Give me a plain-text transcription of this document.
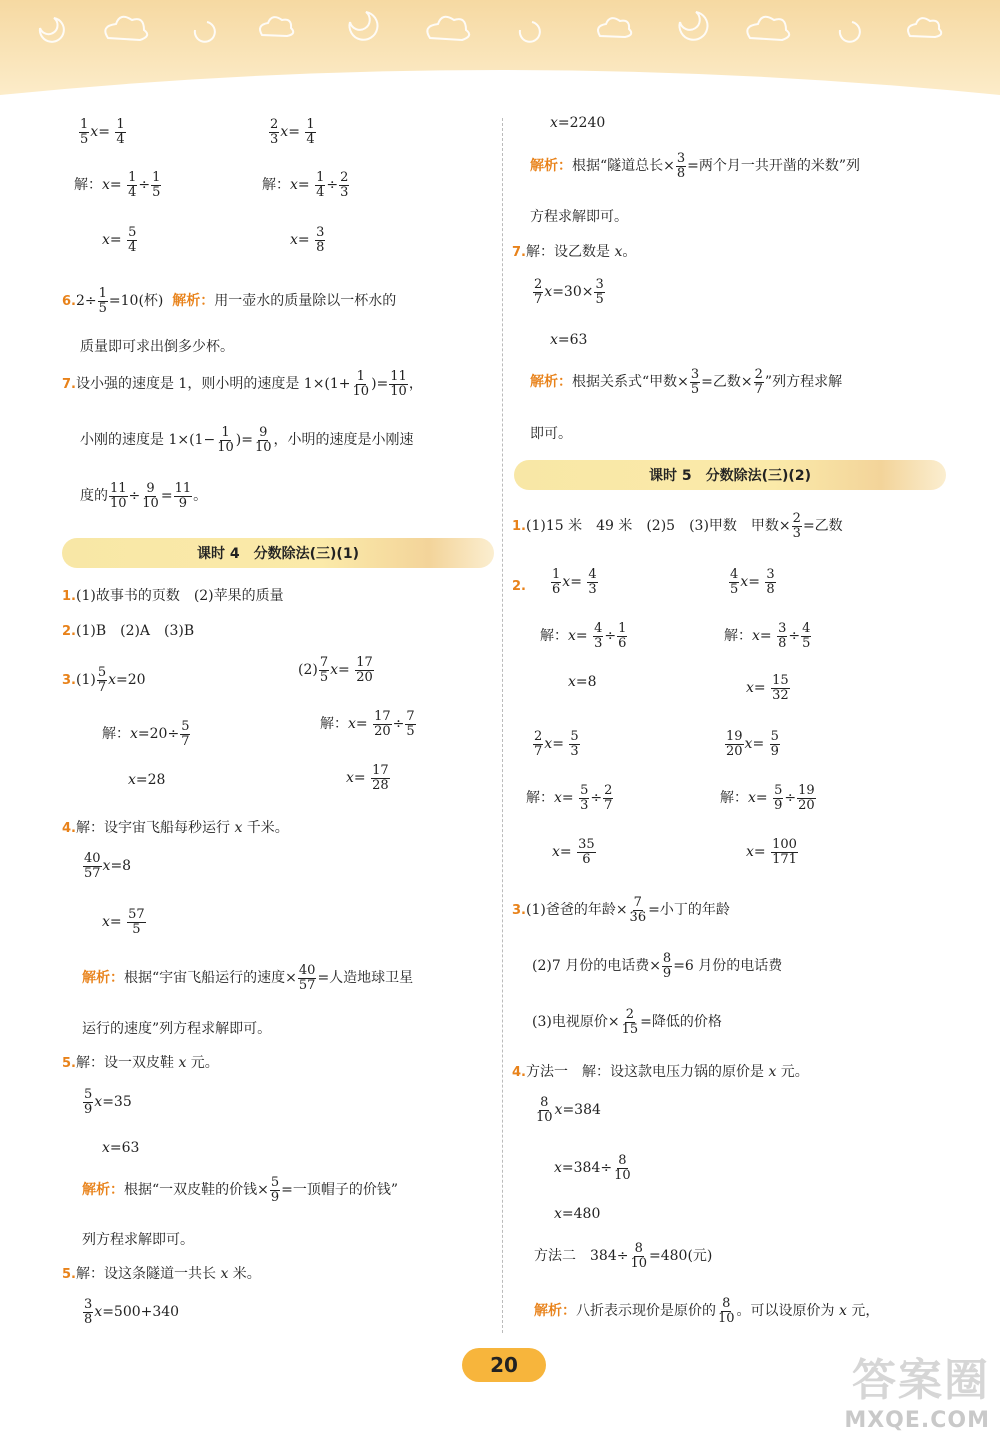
$\frac{1}{5} x= \frac{1}{4}$	$\frac{2}{3} x= \frac{1}{4}$
解：$x= \frac{1}{4} \div \frac{1}{5}$	解：$x= \frac{1}{4} \div \frac{2}{3}$
$x= \frac{5}{4}$	$x= \frac{3}{8}$
$6.2\div \frac{1}{5} =10$(杯) 解析：用一壶水的质量除以一杯水的
质量即可求出倒多少杯。
7.设小强的速度是 1，则小明的速度是 $1\times(1+ \frac{1}{10}$ )= $\frac{11}{10}$ ，
小刚的速度是 $1\times(1- \frac{1}{10}$ )= $\frac{9}{10}$ ，小明的速度是小刚速
度的 $\frac{11}{10} \div \frac{9}{10} = \frac{11}{9}$ 。
课时 4　分数除法(三)(1)
1.(1)故事书的页数　(2)苹果的质量
2.(1)B　(2)A　(3)B
$3.(1) \frac{5}{7} x=20$
$(2) \frac{7}{5} x= \frac{17}{20}$
解：$x=20\div \frac{5}{7}$	解：$x= \frac{17}{20} \div \frac{7}{5}$
x=28	$x= \frac{17}{28}$
4.解：设宇宙飞船每秒运行 x 千米。
$\frac{40}{57} x=8$
$x= \frac{57}{5}$
解析：根据“宇宙飞船运行的速度× $\frac{40}{57}$ =人造地球卫星
运行的速度”列方程求解即可。
5.解：设一双皮鞋 x 元。
$\frac{5}{9} x=35$
x=63
解析：根据“一双皮鞋的价钱× $\frac{5}{9}$ =一顶帽子的价钱”
列方程求解即可。
5.解：设这条隧道一共长 x 米。
$\frac{3}{8} x=500+340$
x=2240
解析：根据“隧道总长× $\frac{3}{8}$ =两个月一共开凿的米数”列
方程求解即可。
7.解：设乙数是 x。
$\frac{2}{7} x=30\times \frac{3}{5}$
x=63
解析：根据关系式“甲数× $\frac{3}{5}$ =乙数× $\frac{2}{7}$ ”列方程求解
即可。
课时 5　分数除法(三)(2)
1.(1)15 米　49 米　(2)5　(3)甲数　甲数× $\frac{2}{3}$ =乙数
2. $\frac{1}{6} x= \frac{4}{3}$	$\frac{4}{5} x= \frac{3}{8}$
解：$x= \frac{4}{3} \div \frac{1}{6}$	解：$x= \frac{3}{8} \div \frac{4}{5}$
x=8	$x= \frac{15}{32}$
$\frac{2}{7} x= \frac{5}{3}$	$\frac{19}{20} x= \frac{5}{9}$
解：$x= \frac{5}{3} \div \frac{2}{7}$	解：$x= \frac{5}{9} \div \frac{19}{20}$
$x= \frac{35}{6}$	$x= \frac{100}{171}$
3.(1)爸爸的年龄× $\frac{7}{36}$ =小丁的年龄
(2)7 月份的电话费× $\frac{8}{9} =6$ 月份的电话费
(3)电视原价× $\frac{2}{15}$ =降低的价格
4.方法一　解：设这款电压力锅的原价是 x 元。
$\frac{8}{10} x=384$
$x=384\div \frac{8}{10}$
x=480
方法二　$384\div \frac{8}{10} =480$(元)
解析：八折表示现价是原价的 $\frac{8}{10}$ 。可以设原价为 x 元，
20	答案圈
MXQE.COM
